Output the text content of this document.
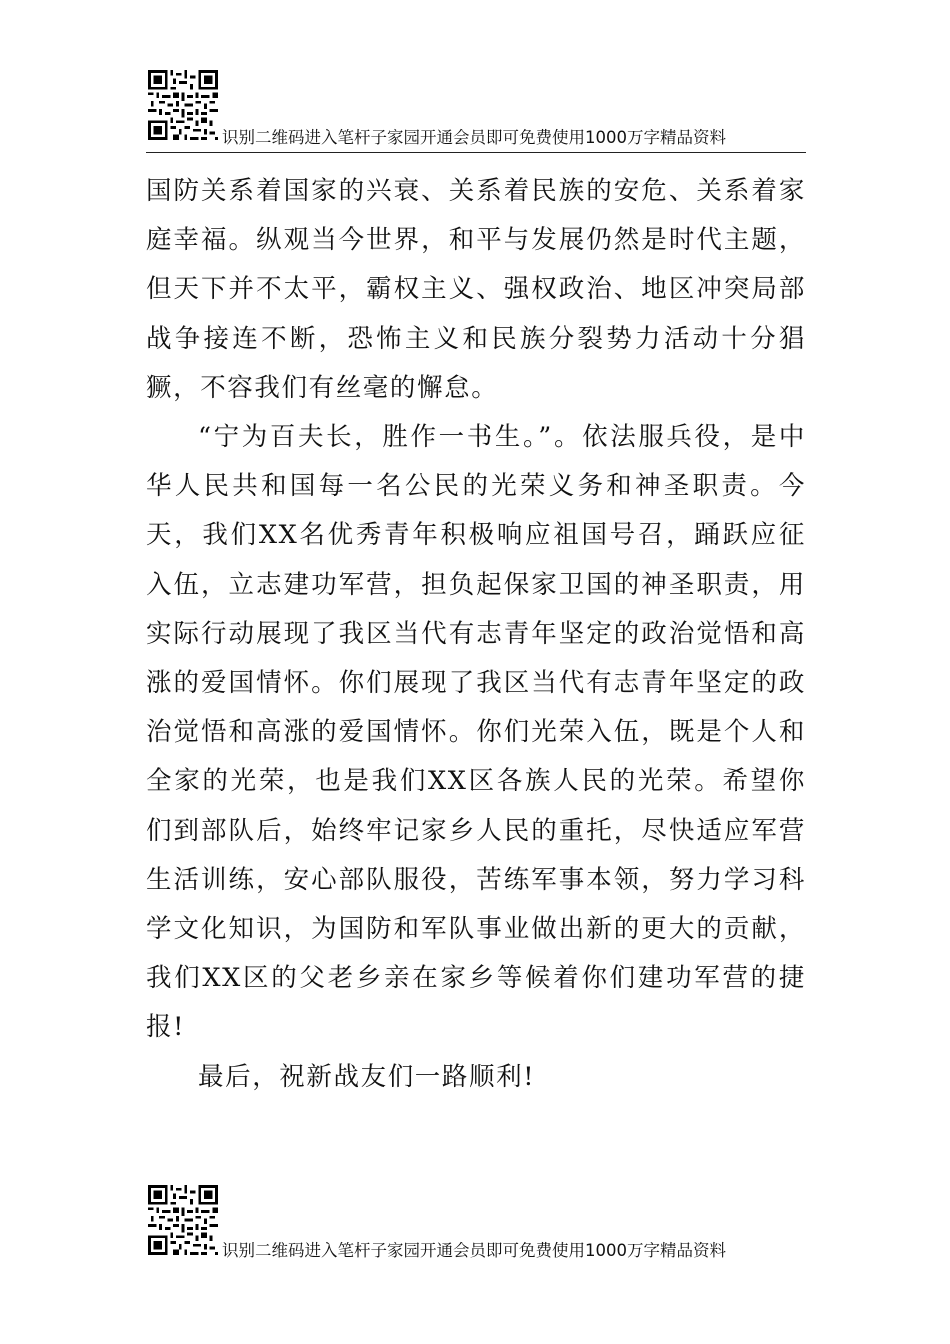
识别二维码进入笔杆子家园开通会员即可免费使用1000万字精品资料

国防关系着国家的兴衰、关系着民族的安危、关系着家庭幸福。纵观当今世界，和平与发展仍然是时代主题，但天下并不太平，霸权主义、强权政治、地区冲突局部战争接连不断，恐怖主义和民族分裂势力活动十分猖獗，不容我们有丝毫的懈怠。

“宁为百夫长，胜作一书生。”。依法服兵役，是中华人民共和国每一名公民的光荣义务和神圣职责。今天，我们XX名优秀青年积极响应祖国号召，踊跃应征入伍，立志建功军营，担负起保家卫国的神圣职责，用实际行动展现了我区当代有志青年坚定的政治觉悟和高涨的爱国情怀。你们展现了我区当代有志青年坚定的政治觉悟和高涨的爱国情怀。你们光荣入伍，既是个人和全家的光荣，也是我们XX区各族人民的光荣。希望你们到部队后，始终牢记家乡人民的重托，尽快适应军营生活训练，安心部队服役，苦练军事本领，努力学习科学文化知识，为国防和军队事业做出新的更大的贡献，我们XX区的父老乡亲在家乡等候着你们建功军营的捷报!

最后，祝新战友们一路顺利!

识别二维码进入笔杆子家园开通会员即可免费使用1000万字精品资料
